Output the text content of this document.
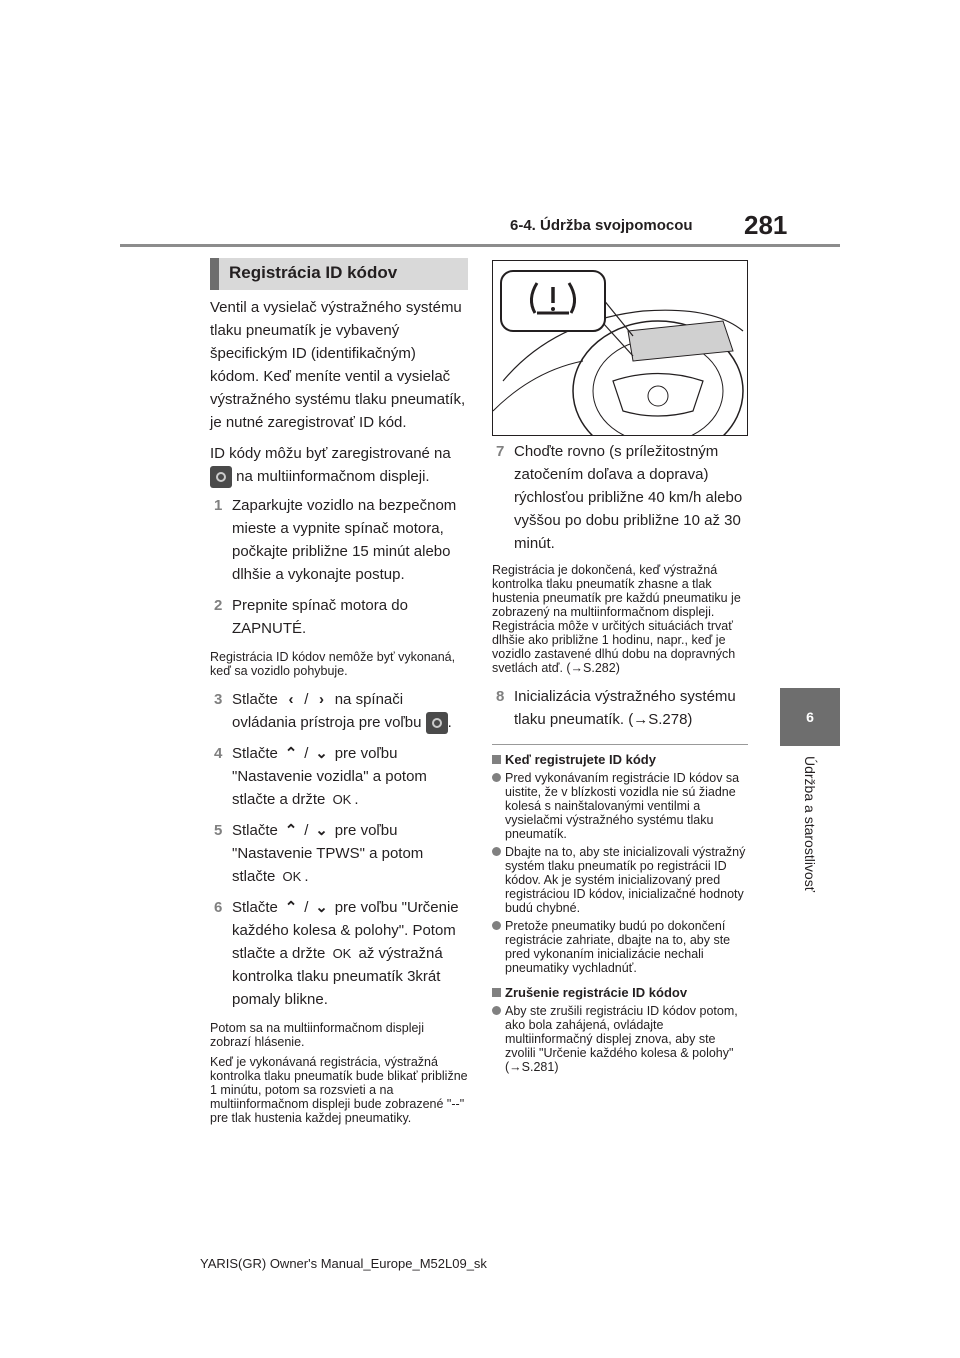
6-4. Údržba svojpomocou 281
6
Údržba a starostlivosť
Registrácia ID kódov

Ventil a vysielač výstražného systému tlaku pneumatík je vybavený špecifickým ID (identifikačným) kódom. Keď meníte ventil a vysielač výstražného systému tlaku pneumatík, je nutné zaregistrovať ID kód.

ID kódy môžu byť zaregistrované na  na multiinformačnom displeji.

1 Zaparkujte vozidlo na bezpečnom mieste a vypnite spínač motora, počkajte približne 15 minút alebo dlhšie a vykonajte postup.
2 Prepnite spínač motora do ZAPNUTÉ.

Registrácia ID kódov nemôže byť vykonaná, keď sa vozidlo pohybuje.

3 Stlačte ‹ / › na spínači ovládania prístroja pre voľbu .
4 Stlačte ⌃ / ⌄ pre voľbu "Nastavenie vozidla" a potom stlačte a držte OK .
5 Stlačte ⌃ / ⌄ pre voľbu "Nastavenie TPWS" a potom stlačte OK .
6 Stlačte ⌃ / ⌄ pre voľbu "Určenie každého kolesa & polohy". Potom stlačte a držte OK až výstražná kontrolka tlaku pneumatík 3krát pomaly blikne.

Potom sa na multiinformačnom displeji zobrazí hlásenie.

Keď je vykonávaná registrácia, výstražná kontrolka tlaku pneumatík bude blikať približne 1 minútu, potom sa rozsvieti a na multiinformačnom displeji bude zobrazené "--" pre tlak hustenia každej pneumatiky.

7 Choďte rovno (s príležitostným zatočením doľava a doprava) rýchlosťou približne 40 km/h alebo vyššou po dobu približne 10 až 30 minút.

Registrácia je dokončená, keď výstražná kontrolka tlaku pneumatík zhasne a tlak hustenia pneumatík pre každú pneumatiku je zobrazený na multiinformačnom displeji.

Registrácia môže v určitých situáciách trvať dlhšie ako približne 1 hodinu, napr., keď je vozidlo zastavené dlhú dobu na dopravných svetlách atď. (→S.282)

8 Inicializácia výstražného systému tlaku pneumatík. (→S.278)
Keď registrujete ID kódy
Pred vykonávaním registrácie ID kódov sa uistite, že v blízkosti vozidla nie sú žiadne kolesá s nainštalovanými ventilmi a vysielačmi výstražného systému tlaku pneumatík.
Dbajte na to, aby ste inicializovali výstražný systém tlaku pneumatík po registrácii ID kódov. Ak je systém inicializovaný pred registráciou ID kódov, inicializačné hodnoty budú chybné.
Pretože pneumatiky budú po dokončení registrácie zahriate, dbajte na to, aby ste pred vykonaním inicializácie nechali pneumatiky vychladnúť.
Zrušenie registrácie ID kódov
Aby ste zrušili registráciu ID kódov potom, ako bola zahájená, ovládajte multiinformačný displej znova, aby ste zvolili "Určenie každého kolesa & polohy" (→S.281)
YARIS(GR) Owner's Manual_Europe_M52L09_sk
